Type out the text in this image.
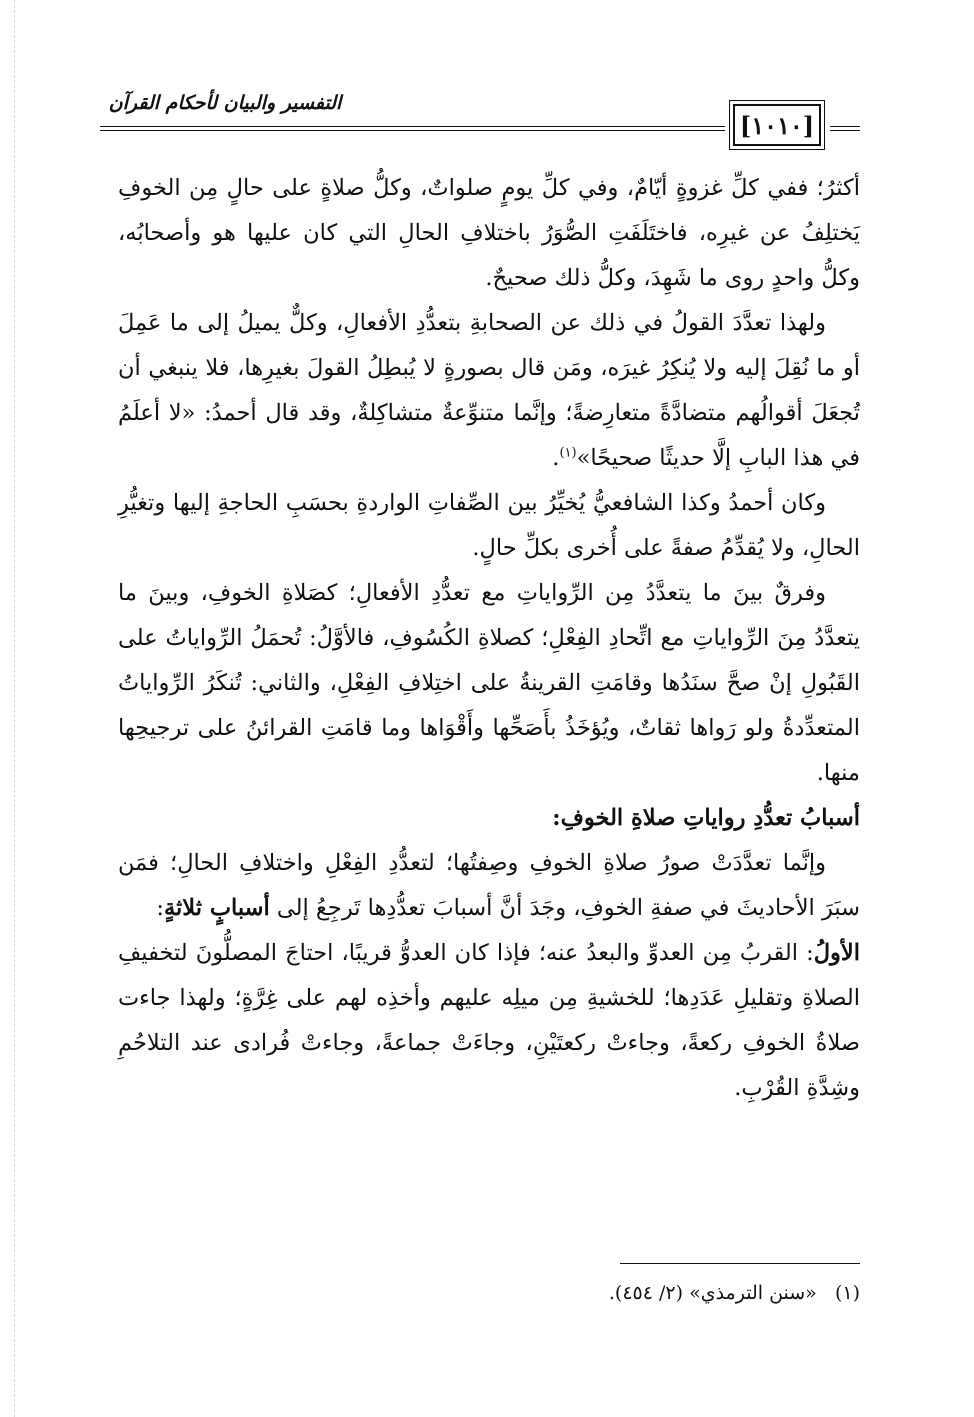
التفسير والبيان لأحكام القرآن
[١٠١٠]

أكثرُ؛ ففي كلِّ غزوةٍ أيّامٌ، وفي كلِّ يومٍ صلواتٌ، وكلُّ صلاةٍ على حالٍ مِن الخوفِ يَختلِفُ عن غيرِه، فاختَلَفَتِ الصُّوَرُ باختلافِ الحالِ التي كان عليها هو وأصحابُه، وكلُّ واحدٍ روى ما شَهِدَ، وكلُّ ذلك صحيحٌ.

ولهذا تعدَّدَ القولُ في ذلك عن الصحابةِ بتعدُّدِ الأفعالِ، وكلٌّ يميلُ إلى ما عَمِلَ أو ما نُقِلَ إليه ولا يُنكِرُ غيرَه، ومَن قال بصورةٍ لا يُبطِلُ القولَ بغيرِها، فلا ينبغي أن تُجعَلَ أقوالُهم متضادَّةً متعارِضةً؛ وإنَّما متنوِّعةٌ متشاكِلةٌ، وقد قال أحمدُ: «لا أعلَمُ في هذا البابِ إلَّا حديثًا صحيحًا»$^{(١)}$.

وكان أحمدُ وكذا الشافعيُّ يُخيِّرُ بين الصِّفاتِ الواردةِ بحسَبِ الحاجةِ إليها وتغيُّرِ الحالِ، ولا يُقدِّمُ صفةً على أُخرى بكلِّ حالٍ.

وفرقٌ بينَ ما يتعدَّدُ مِن الرِّواياتِ مع تعدُّدِ الأفعالِ؛ كصَلاةِ الخوفِ، وبينَ ما يتعدَّدُ مِنَ الرِّواياتِ مع اتِّحادِ الفِعْلِ؛ كصلاةِ الكُسُوفِ، فالأوَّلُ: تُحمَلُ الرِّواياتُ على القَبُولِ إنْ صحَّ سنَدُها وقامَتِ القرينةُ على اختِلافِ الفِعْلِ، والثاني: تُنكَرُ الرِّواياتُ المتعدِّدةُ ولو رَواها ثقاتٌ، ويُؤخَذُ بأَصَحِّها وأَقْوَاها وما قامَتِ القرائنُ على ترجيحِها منها.

أسبابُ تعدُّدِ رواياتِ صلاةِ الخوفِ:

وإنَّما تعدَّدَتْ صورُ صلاةِ الخوفِ وصِفتُها؛ لتعدُّدِ الفِعْلِ واختلافِ الحالِ؛ فمَن سبَرَ الأحاديثَ في صفةِ الخوفِ، وجَدَ أنَّ أسبابَ تعدُّدِها تَرجِعُ إلى أسبابٍ ثلاثةٍ:

الأولُ: القربُ مِن العدوِّ والبعدُ عنه؛ فإذا كان العدوُّ قريبًا، احتاجَ المصلُّونَ لتخفيفِ الصلاةِ وتقليلِ عَدَدِها؛ للخشيةِ مِن ميلِه عليهم وأخذِه لهم على غِرَّةٍ؛ ولهذا جاءت صلاةُ الخوفِ ركعةً، وجاءتْ ركعتَيْنِ، وجاءَتْ جماعةً، وجاءتْ فُرادى عند التلاحُمِ وشِدَّةِ القُرْبِ.

(١)   «سنن الترمذي» (٢/ ٤٥٤).
